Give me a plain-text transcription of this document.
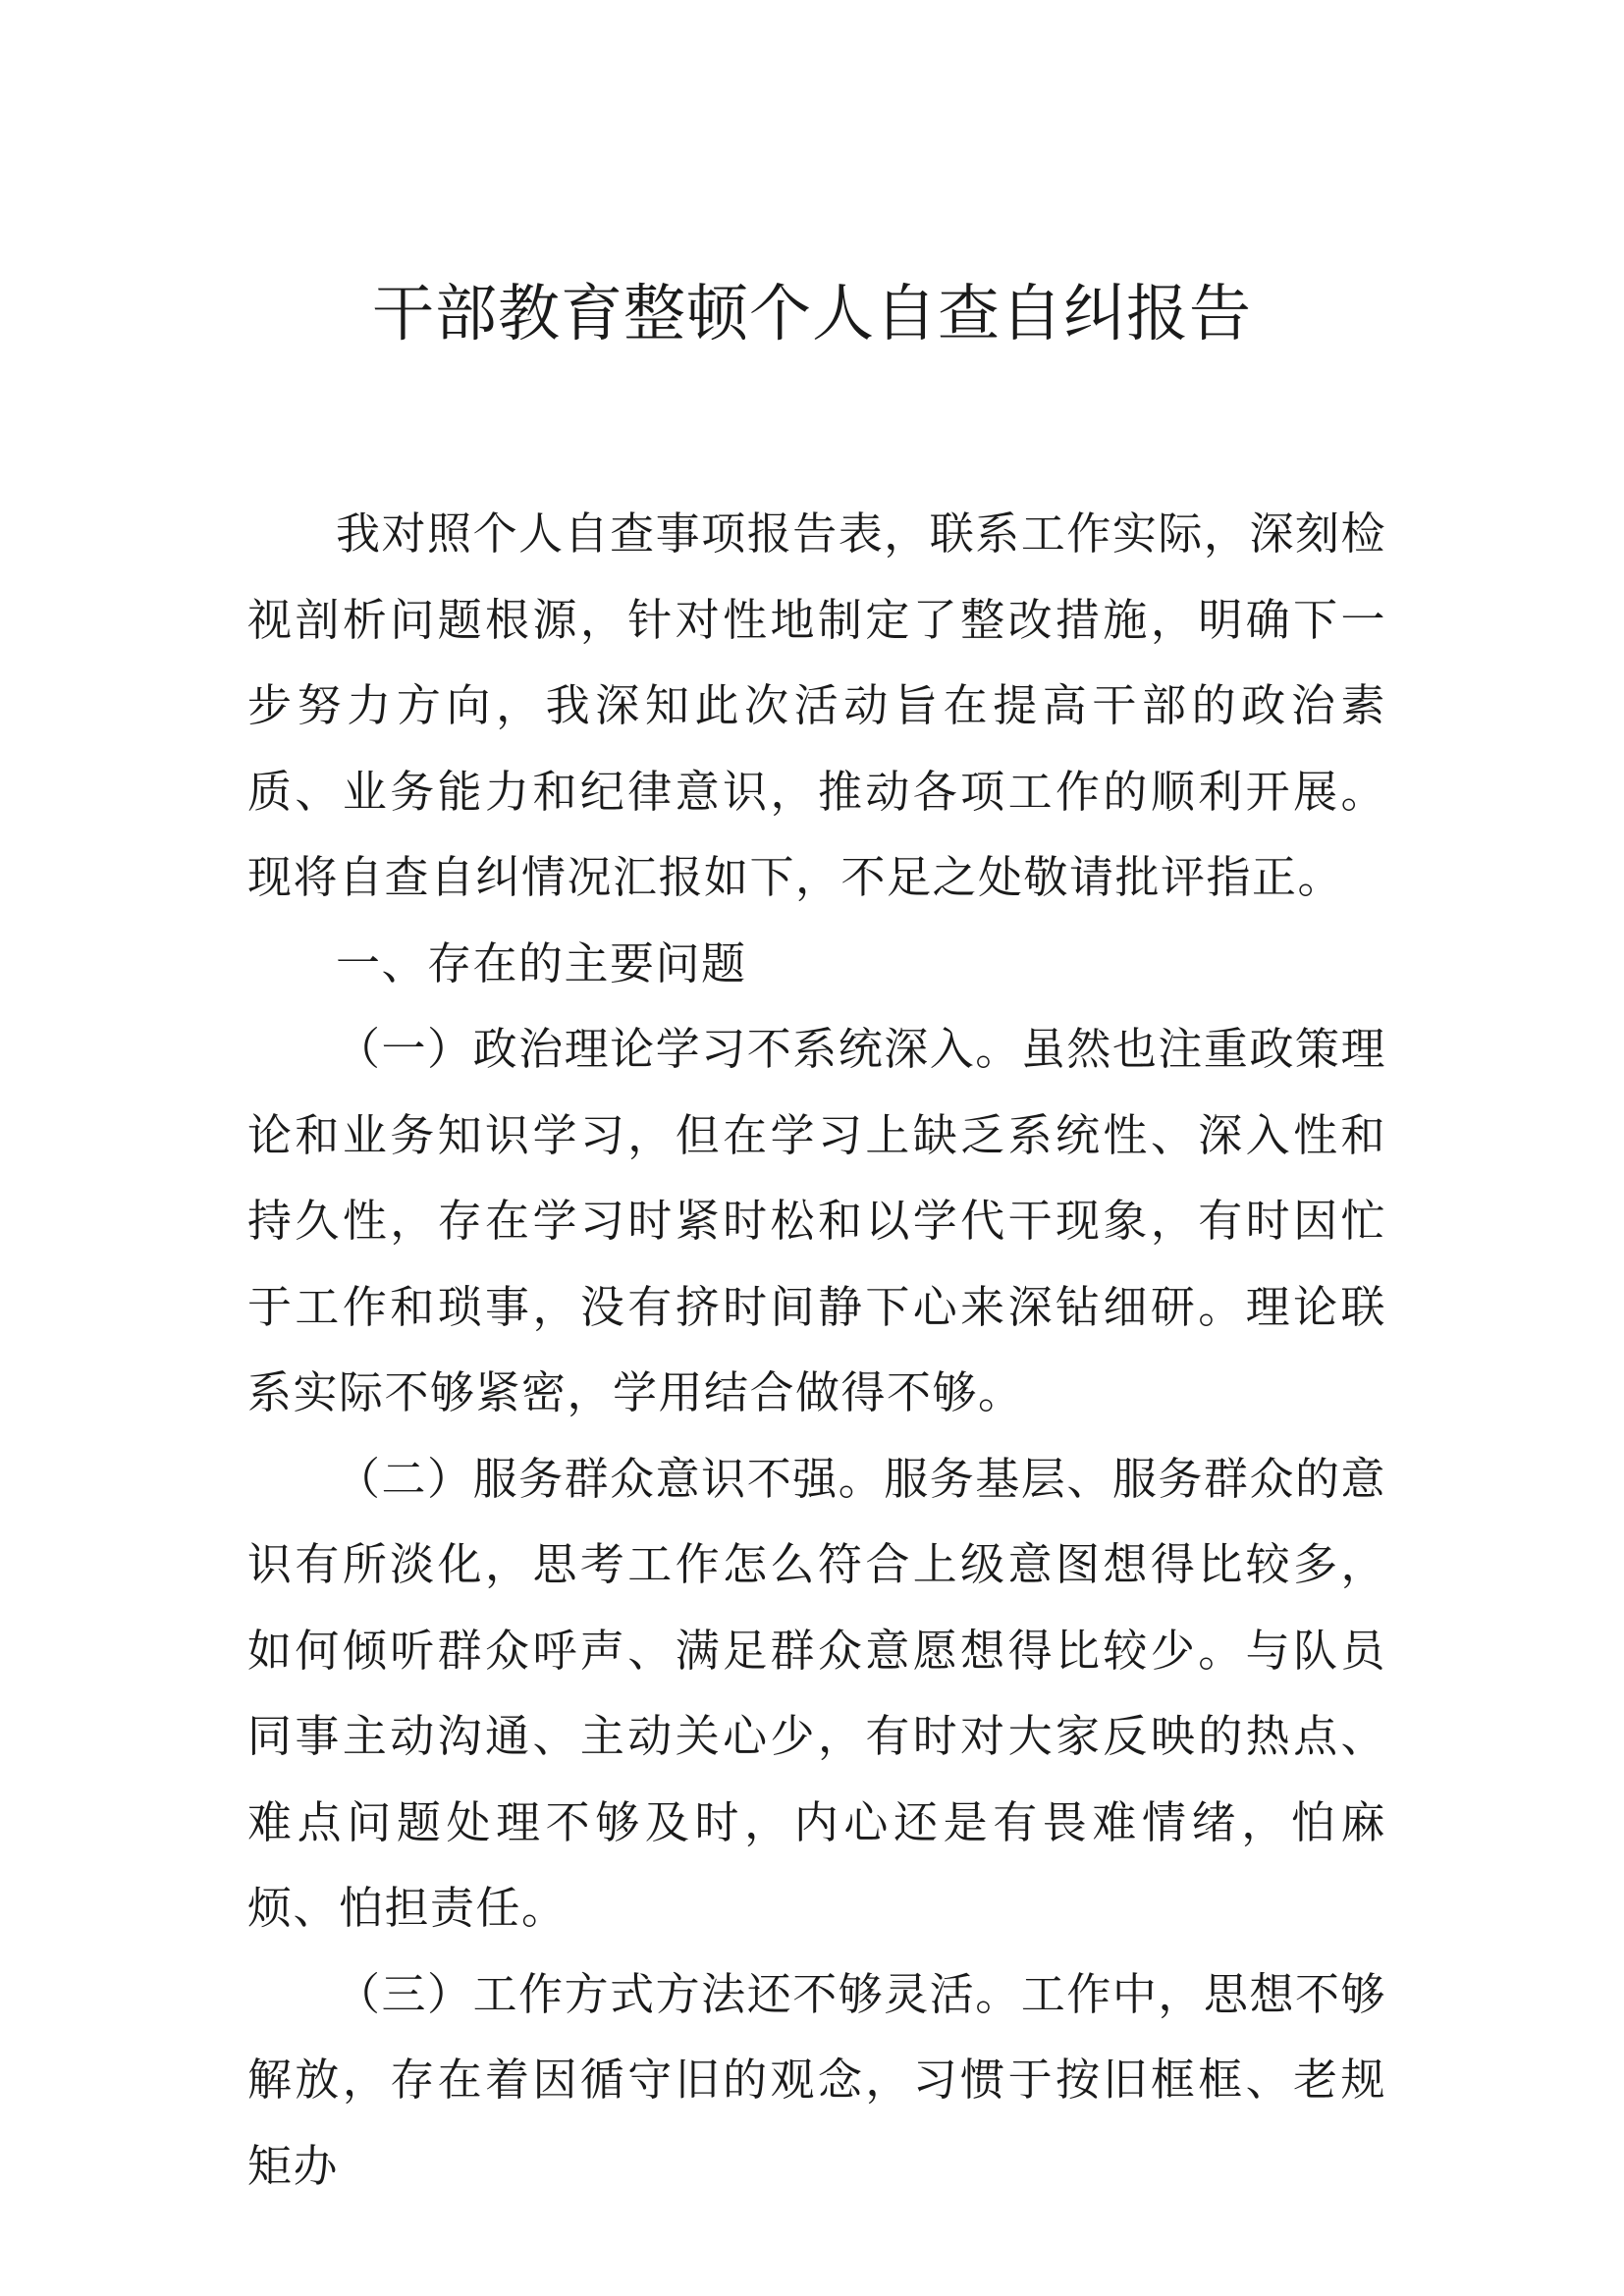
干部教育整顿个人自查自纠报告

我对照个人自查事项报告表，联系工作实际，深刻检视剖析问题根源，针对性地制定了整改措施，明确下一步努力方向，我深知此次活动旨在提高干部的政治素质、业务能力和纪律意识，推动各项工作的顺利开展。现将自查自纠情况汇报如下，不足之处敬请批评指正。

一、存在的主要问题

（一）政治理论学习不系统深入。虽然也注重政策理论和业务知识学习，但在学习上缺乏系统性、深入性和持久性，存在学习时紧时松和以学代干现象，有时因忙于工作和琐事，没有挤时间静下心来深钻细研。理论联系实际不够紧密，学用结合做得不够。

（二）服务群众意识不强。服务基层、服务群众的意识有所淡化，思考工作怎么符合上级意图想得比较多，如何倾听群众呼声、满足群众意愿想得比较少。与队员同事主动沟通、主动关心少，有时对大家反映的热点、难点问题处理不够及时，内心还是有畏难情绪，怕麻烦、怕担责任。

（三）工作方式方法还不够灵活。工作中，思想不够解放，存在着因循守旧的观念，习惯于按旧框框、老规矩办
